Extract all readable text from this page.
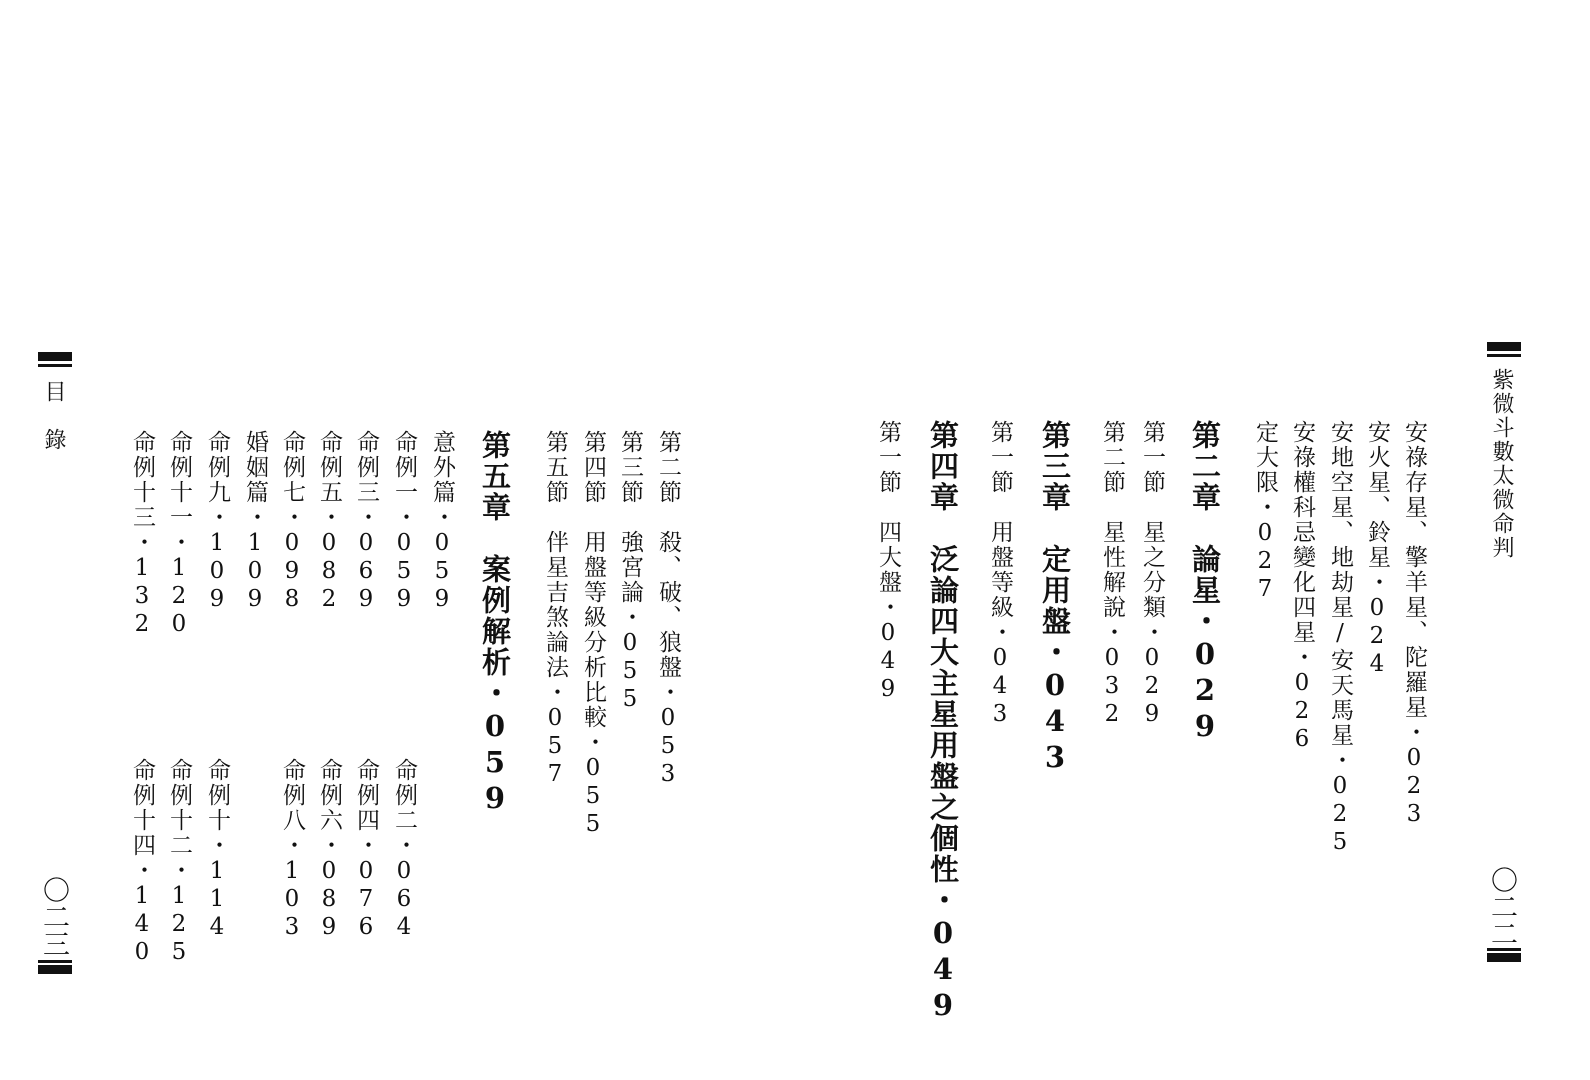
紫微斗數太微命判
〇二二
安祿存星、擎羊星、陀羅星・023
安火星、鈴星・024
安地空星、地劫星/安天馬星・025
安祿權科忌變化四星・026
定大限・027
第二章　論星・029
第一節　星之分類・029
第二節　星性解說・032
第三章　定用盤・043
第一節　用盤等級・043
第四章　泛論四大主星用盤之個性・049
第一節　四大盤・049
目　錄
〇二三
第二節　殺、破、狼盤・053
第三節　強宮論・055
第四節　用盤等級分析比較・055
第五節　伴星吉煞論法・057
第五章　案例解析・059
意外篇・059
命例一・059
命例三・069
命例五・082
命例七・098
婚姻篇・109
命例九・109
命例十一・120
命例十三・132
命例二・064
命例四・076
命例六・089
命例八・103
命例十・114
命例十二・125
命例十四・140
